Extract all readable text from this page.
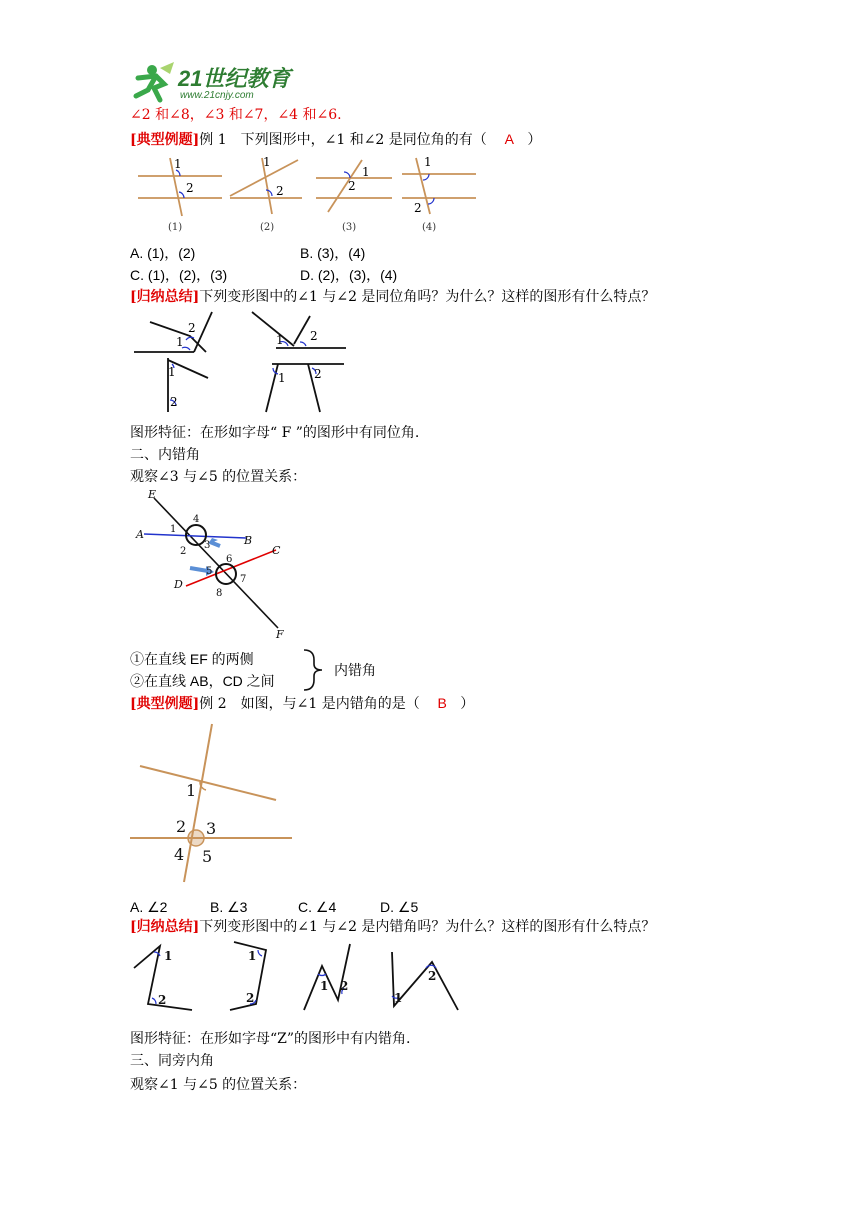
21世纪教育
www.21cnjy.com
∠2 和∠8，∠3 和∠7，∠4 和∠6.
[典型例题]例 1　下列图形中，∠1 和∠2 是同位角的有（ A ）
1
2
1
2
1
2
1
2
(1)	(2)	(3)	(4)
A. (1)，(2)	B. (3)，(4)
C. (1)，(2)，(3)	D. (2)，(3)，(4)
[归纳总结]下列变形图中的∠1 与∠2 是同位角吗？为什么？这样的图形有什么特点？
2
1	2
1
1
2
1 2
图形特征：在形如字母“ F ”的图形中有同位角.
二、内错角
观察∠3 与∠5 的位置关系：
E
A	B
C
D
F
1
4
2
3
6
5
7
8
①在直线 EF 的两侧
②在直线 AB，CD 之间
内错角
[典型例题]例 2　如图，与∠1 是内错角的是（ B ）
1
2 3
4 5
A. ∠2	B. ∠3	C. ∠4	D. ∠5
[归纳总结]下列变形图中的∠1 与∠2 是内错角吗？为什么？这样的图形有什么特点？
1
2
1
2
1 2
1
2
图形特征：在形如字母“Z”的图形中有内错角.
三、同旁内角
观察∠1 与∠5 的位置关系：
